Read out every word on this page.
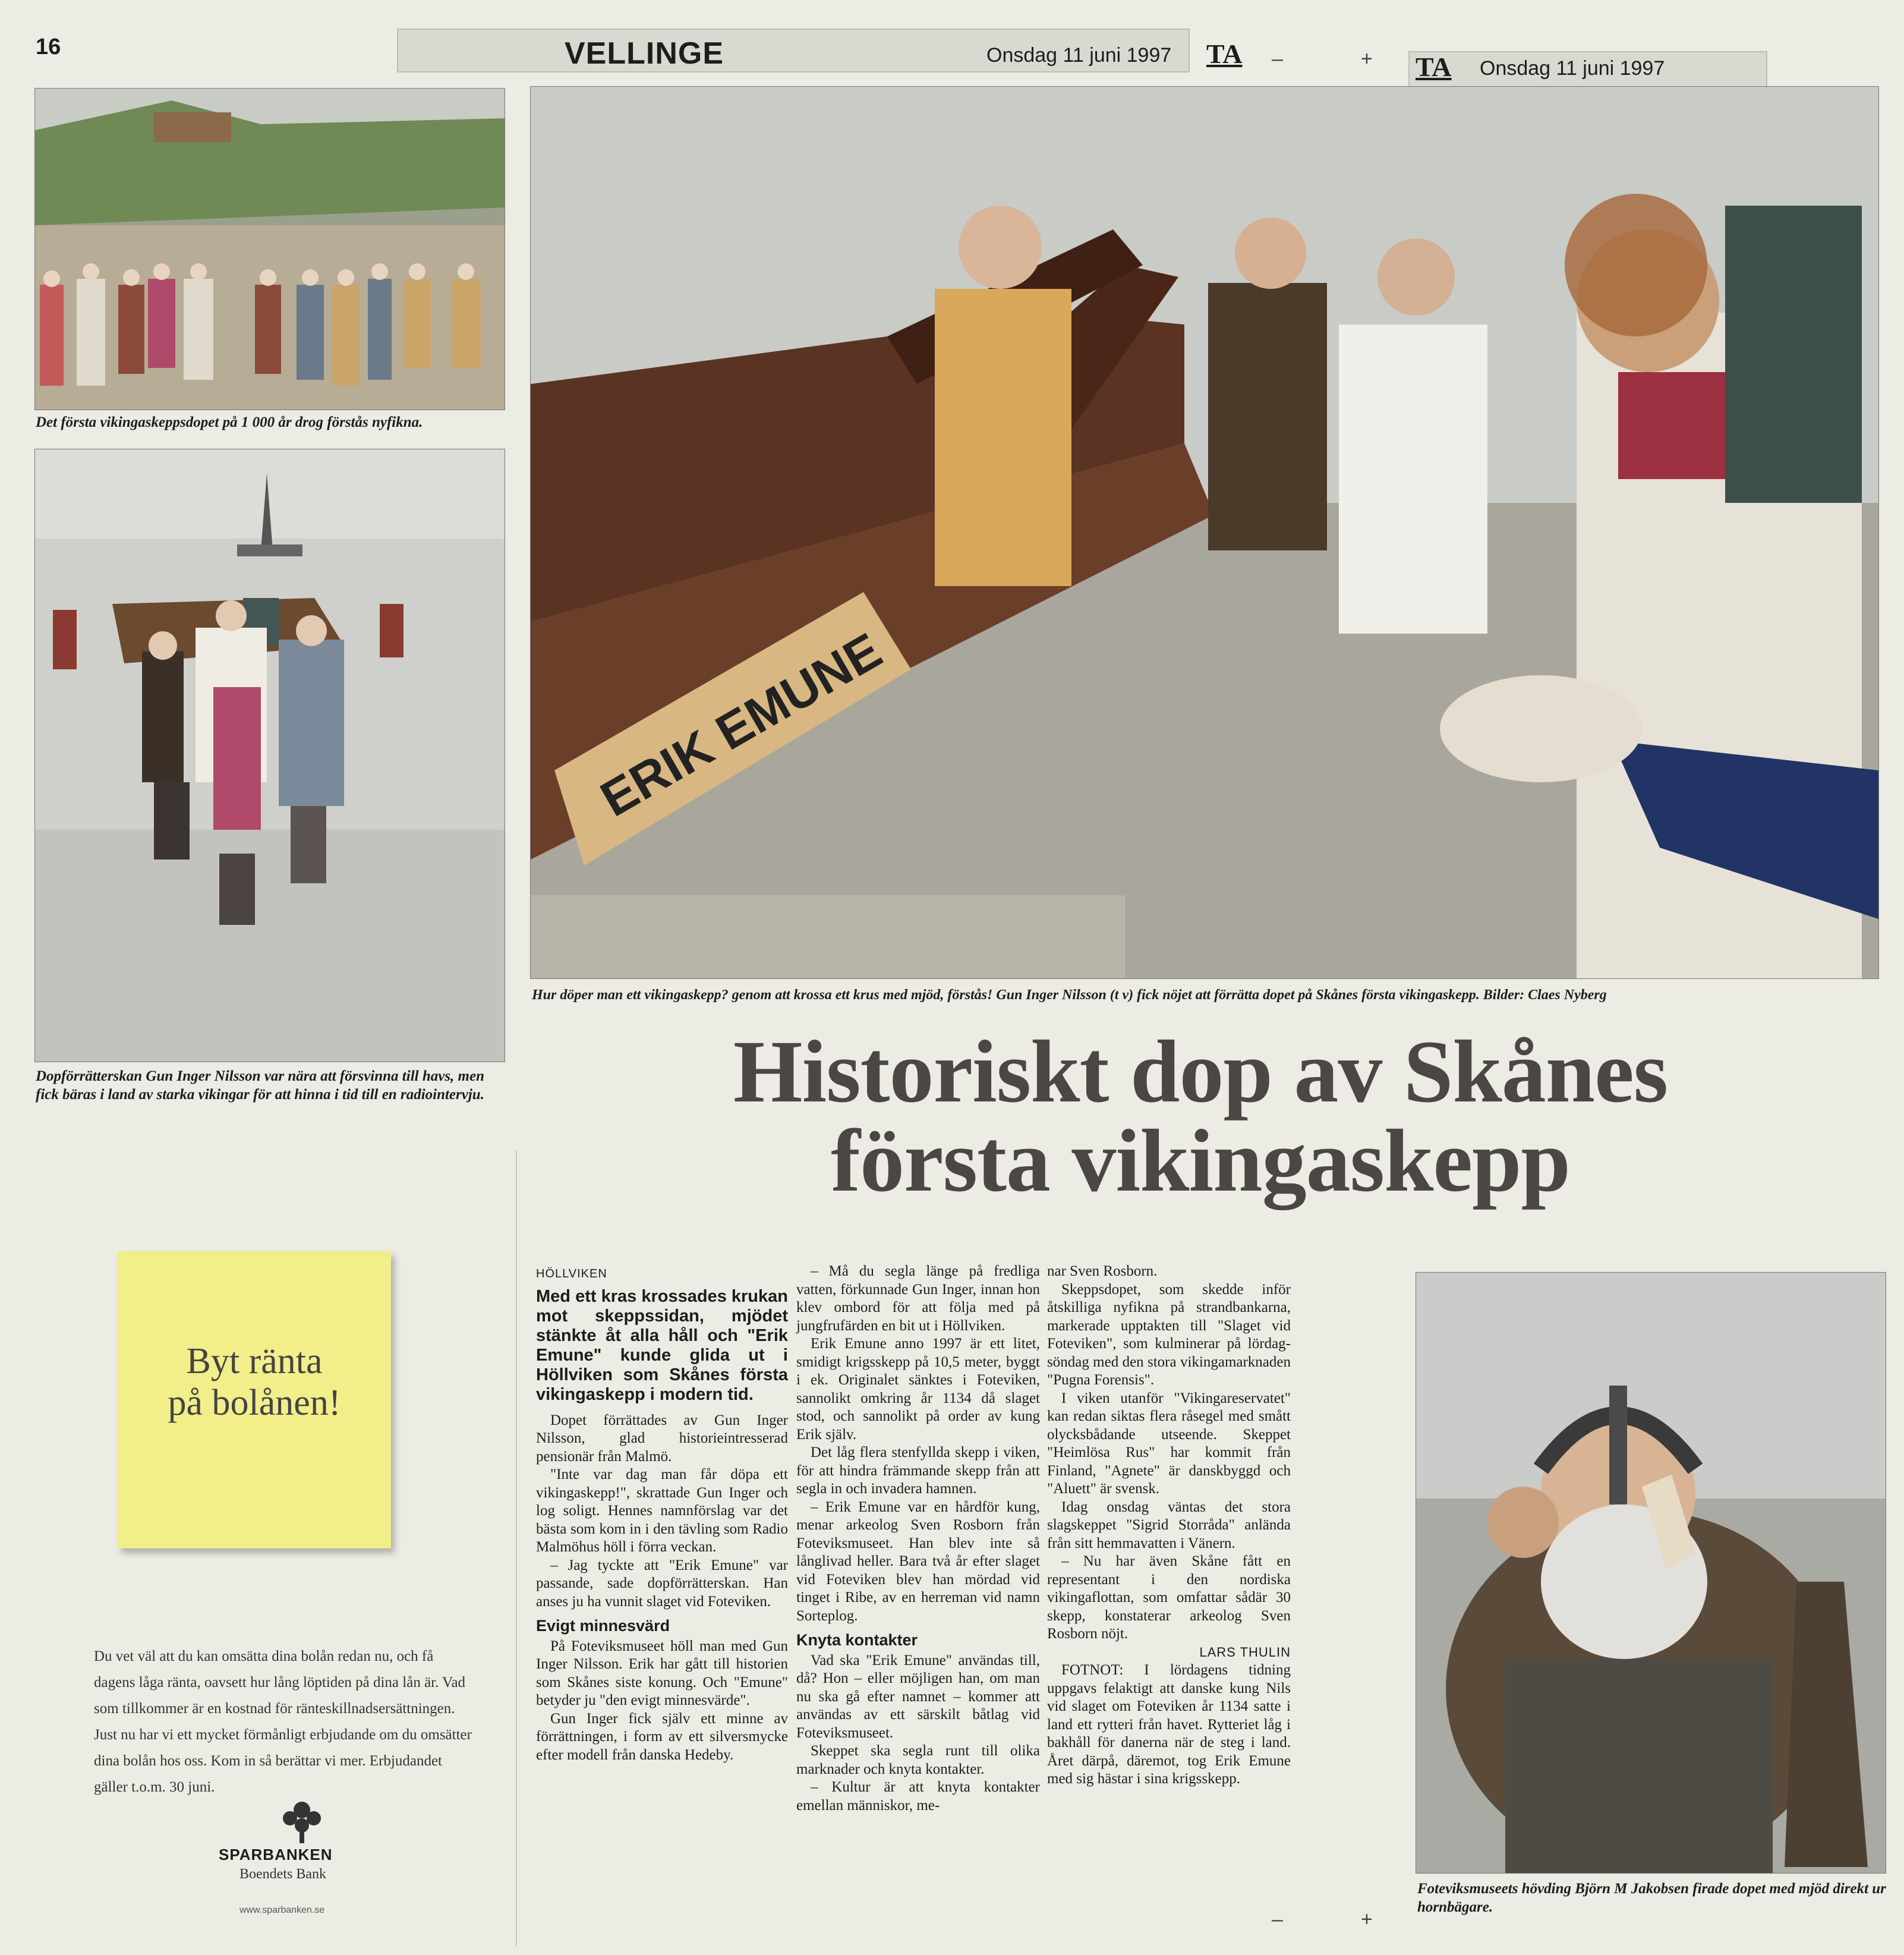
16	VELLINGE	Onsdag 11 juni 1997 TA –	+ TA Onsdag 11 juni 1997
Det första vikingaskeppsdopet på 1 000 år drog förstås nyfikna.
Dopförrätterskan Gun Inger Nilsson var nära att försvinna till havs, men fick bäras i land av starka vikingar för att hinna i tid till en radiointervju.
ERIK EMUNE
Hur döper man ett vikingaskepp? genom att krossa ett krus med mjöd, förstås! Gun Inger Nilsson (t v) fick nöjet att förrätta dopet på Skånes första vikingaskepp. Bilder: Claes Nyberg
Historiskt dop av Skånes
första vikingaskepp
HÖLLVIKEN
Med ett kras krossades krukan mot skeppssidan, mjödet stänkte åt alla håll och "Erik Emune" kunde glida ut i Höllviken som Skånes första vikingaskepp i modern tid.

Dopet förrättades av Gun Inger Nilsson, glad historieintresserad pensionär från Malmö.

"Inte var dag man får döpa ett vikingaskepp!", skrattade Gun Inger och log soligt. Hennes namnförslag var det bästa som kom in i den tävling som Radio Malmöhus höll i förra veckan.

– Jag tyckte att "Erik Emune" var passande, sade dopförrätterskan. Han anses ju ha vunnit slaget vid Foteviken.

Evigt minnesvärd

På Foteviksmuseet höll man med Gun Inger Nilsson. Erik har gått till historien som Skånes siste konung. Och "Emune" betyder ju "den evigt minnesvärde".

Gun Inger fick själv ett minne av förrättningen, i form av ett silversmycke efter modell från danska Hedeby.

– Må du segla länge på fredliga vatten, förkunnade Gun Inger, innan hon klev ombord för att följa med på jungfrufärden en bit ut i Höllviken.

Erik Emune anno 1997 är ett litet, smidigt krigsskepp på 10,5 meter, byggt i ek. Originalet sänktes i Foteviken, sannolikt omkring år 1134 då slaget stod, och sannolikt på order av kung Erik själv.

Det låg flera stenfyllda skepp i viken, för att hindra främmande skepp från att segla in och invadera hamnen.

– Erik Emune var en hårdför kung, menar arkeolog Sven Rosborn från Foteviksmuseet. Han blev inte så långlivad heller. Bara två år efter slaget vid Foteviken blev han mördad vid tinget i Ribe, av en herreman vid namn Sorteplog.

Knyta kontakter

Vad ska "Erik Emune" användas till, då? Hon – eller möjligen han, om man nu ska gå efter namnet – kommer att användas av ett särskilt båtlag vid Foteviksmuseet.

Skeppet ska segla runt till olika marknader och knyta kontakter.

– Kultur är att knyta kontakter emellan människor, me-

nar Sven Rosborn.

Skeppsdopet, som skedde inför åtskilliga nyfikna på strandbankarna, markerade upptakten till "Slaget vid Foteviken", som kulminerar på lördag-söndag med den stora vikingamarknaden "Pugna Forensis".

I viken utanför "Vikingareservatet" kan redan siktas flera råsegel med smått olycksbådande utseende. Skeppet "Heimlösa Rus" har kommit från Finland, "Agnete" är danskbyggd och "Aluett" är svensk.

Idag onsdag väntas det stora slagskeppet "Sigrid Storråda" anlända från sitt hemmavatten i Vänern.

– Nu har även Skåne fått en representant i den nordiska vikingaflottan, som omfattar sådär 30 skepp, konstaterar arkeolog Sven Rosborn nöjt.

LARS THULIN

FOTNOT: I lördagens tidning uppgavs felaktigt att danske kung Nils vid slaget om Foteviken år 1134 satte i land ett rytteri från havet. Rytteriet låg i bakhåll för danerna när de steg i land. Året därpå, däremot, tog Erik Emune med sig hästar i sina krigsskepp.

Foteviksmuseets hövding Björn M Jakobsen firade dopet med mjöd direkt ur hornbägare.
–	+
Byt ränta
på bolånen!
Du vet väl att du kan omsätta dina bolån redan nu, och få dagens låga ränta, oavsett hur lång löptiden på dina lån är. Vad som tillkommer är en kostnad för ränteskillnadsersättningen. Just nu har vi ett mycket förmånligt erbjudande om du omsätter dina bolån hos oss. Kom in så berättar vi mer. Erbjudandet gäller t.o.m. 30 juni.
SPARBANKEN
Boendets Bank
www.sparbanken.se
